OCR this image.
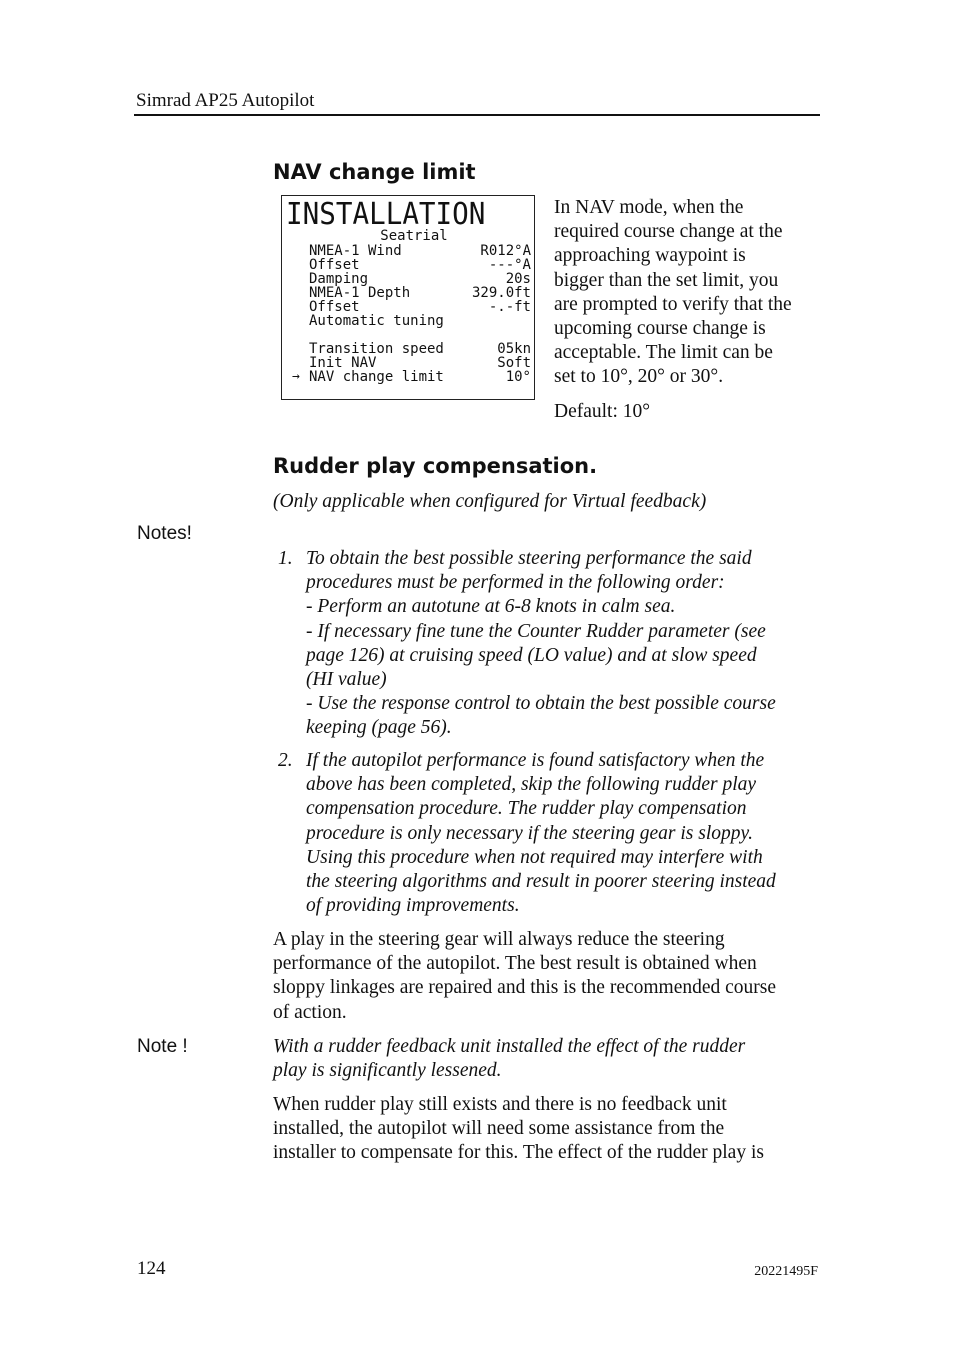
Simrad AP25 Autopilot
NAV change limit
INSTALLATION
Seatrial
NMEA-1 Wind	R012°A
Offset	---°A
Damping	20s
NMEA-1 Depth	329.0ft
Offset	-.-ft
Automatic tuning
Transition speed	05kn
Init NAV	Soft
→ NAV change limit	10°
In NAV mode, when the
required course change at the
approaching waypoint is
bigger than the set limit, you
are prompted to verify that the
upcoming course change is
acceptable. The limit can be
set to 10°, 20° or 30°.
Default: 10°
Rudder play compensation.
(Only applicable when configured for Virtual feedback)
Notes!
1. To obtain the best possible steering performance the said
procedures must be performed in the following order:
- Perform an autotune at 6-8 knots in calm sea.
- If necessary fine tune the Counter Rudder parameter (see
page 126) at cruising speed (LO value) and at slow speed
(HI value)
- Use the response control to obtain the best possible course
keeping (page 56).
2. If the autopilot performance is found satisfactory when the
above has been completed, skip the following rudder play
compensation procedure. The rudder play compensation
procedure is only necessary if the steering gear is sloppy.
Using this procedure when not required may interfere with
the steering algorithms and result in poorer steering instead
of providing improvements.
A play in the steering gear will always reduce the steering
performance of the autopilot. The best result is obtained when
sloppy linkages are repaired and this is the recommended course
of action.
Note !	With a rudder feedback unit installed the effect of the rudder
play is significantly lessened.
When rudder play still exists and there is no feedback unit
installed, the autopilot will need some assistance from the
installer to compensate for this. The effect of the rudder play is
124	20221495F
